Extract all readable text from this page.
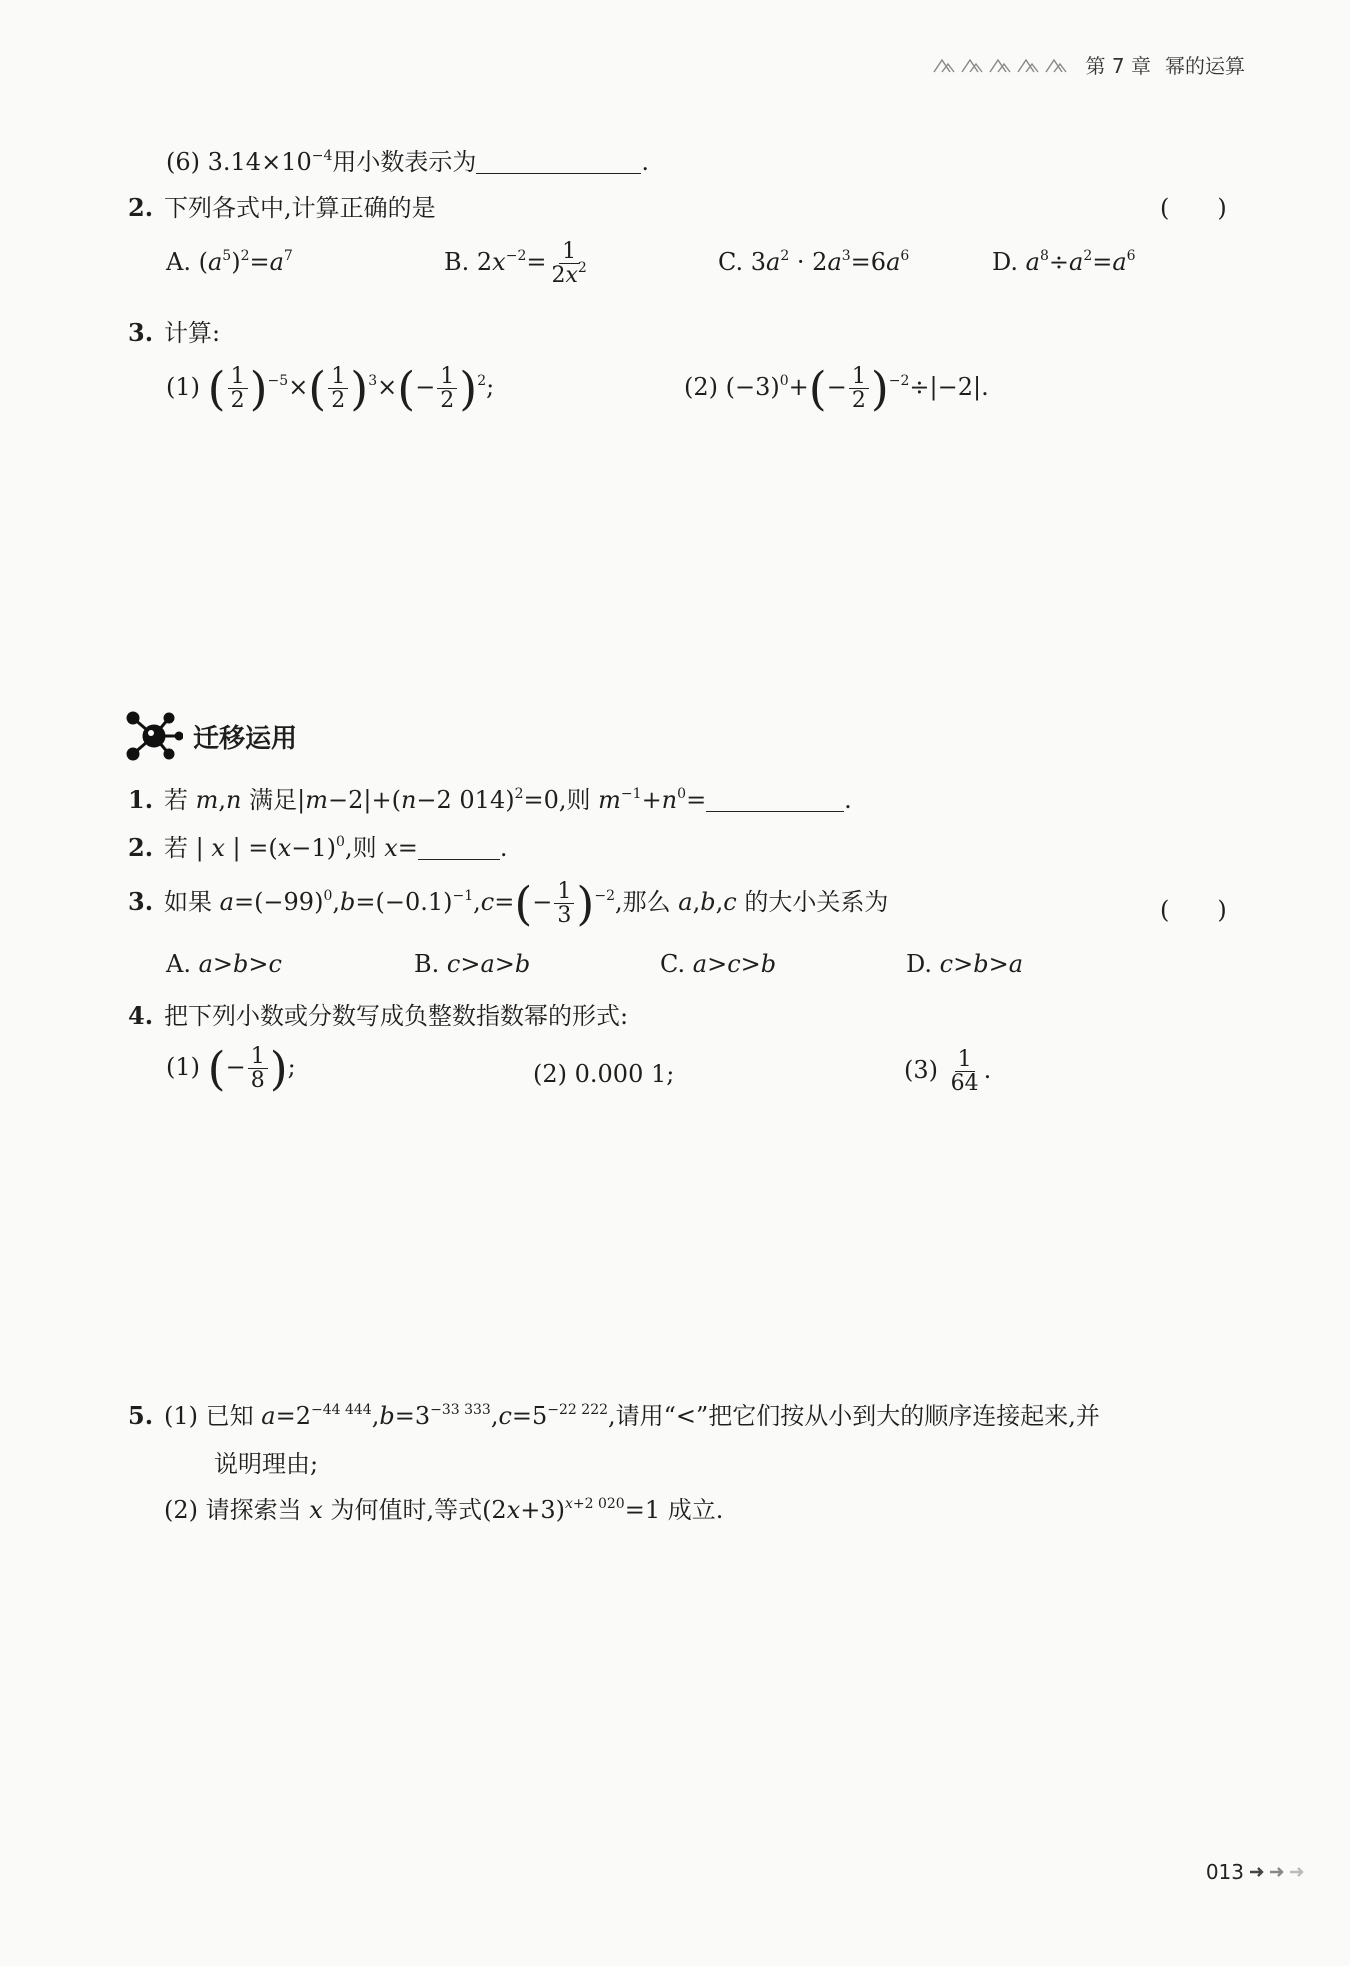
第 7 章 幂的运算
(6) $3.14\times 10^{-4}$用小数表示为	.
2. 下列各式中,计算正确的是	(　　)
A. $(a^5)^2=a^7$	B. $2x^{-2}= \frac{1}{2x^2}$	C. $3a^2 \cdot 2a^3=6a^6$	D. $a^8\div a^2=a^6$
3. 计算:
(1) ( $\frac{1}{2} )^{-5}\times( \frac{1}{2} )^3\times(- \frac{1}{2} )^2$;	(2) $(-3)^0+(- \frac{1}{2} )^{-2}\div|-2|$.
迁移运用
1. 若 m,n 满足|m−2|+(n−2 014)$^2$=0,则 $m^{-1}+n^0=$	.
2. 若 | x | $=(x-1)^0$,则 x=	.
3. 如果 $a=(-99)^0,b=(-0.1)^{-1},c=(- \frac{1}{3} )^{-2}$,那么 a,b,c 的大小关系为	(　　)
A. a>b>c	B. c>a>b	C. a>c>b	D. c>b>a
4. 把下列小数或分数写成负整数指数幂的形式:
(1) (− $\frac{1}{8}$ );	(2) 0.000 1;	$(3) \frac{1}{64}$ .
5. (1) 已知 $a=2^{-44 444},b=3^{-33 333},c=5^{-22 222}$,请用“<”把它们按从小到大的顺序连接起来,并
说明理由;
(2) 请探索当 x 为何值时,等式$(2x+3)^{x+2 020}=1$ 成立.
013
